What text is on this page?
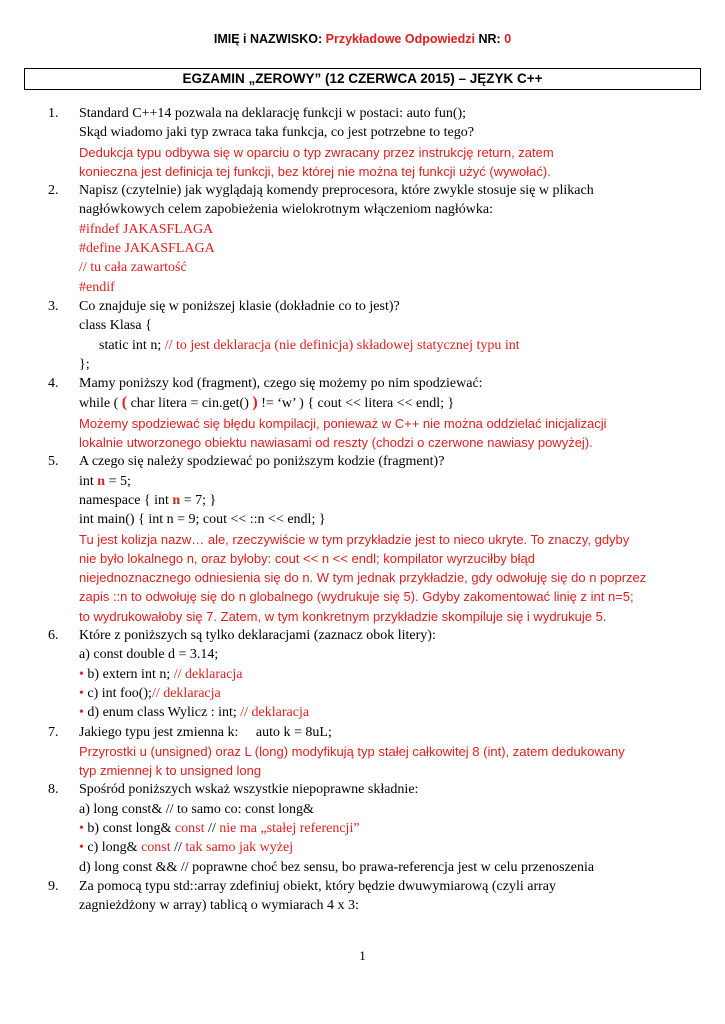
IMIĘ i NAZWISKO: Przykładowe Odpowiedzi NR: 0
EGZAMIN „ZEROWY” (12 CZERWCA 2015) – JĘZYK C++
1. Standard C++14 pozwala na deklarację funkcji w postaci: auto fun();
Skąd wiadomo jaki typ zwraca taka funkcja, co jest potrzebne to tego?
Dedukcja typu odbywa się w oparciu o typ zwracany przez instrukcję return, zatem
konieczna jest definicja tej funkcji, bez której nie można tej funkcji użyć (wywołać).
2. Napisz (czytelnie) jak wyglądają komendy preprocesora, które zwykle stosuje się w plikach
nagłówkowych celem zapobieżenia wielokrotnym włączeniom nagłówka:
#ifndef JAKASFLAGA
#define JAKASFLAGA
// tu cała zawartość
#endif
3. Co znajduje się w poniższej klasie (dokładnie co to jest)?
class Klasa {
static int n; // to jest deklaracja (nie definicja) składowej statycznej typu int
};
4. Mamy poniższy kod (fragment), czego się możemy po nim spodziewać:
while ( ( char litera = cin.get() ) != ‘w’ ) { cout << litera << endl; }
Możemy spodziewać się błędu kompilacji, ponieważ w C++ nie można oddzielać inicjalizacji
lokalnie utworzonego obiektu nawiasami od reszty (chodzi o czerwone nawiasy powyżej).
5. A czego się należy spodziewać po poniższym kodzie (fragment)?
int n = 5;
namespace { int n = 7; }
int main() { int n = 9; cout << ::n << endl; }
Tu jest kolizja nazw… ale, rzeczywiście w tym przykładzie jest to nieco ukryte. To znaczy, gdyby
nie było lokalnego n, oraz byłoby: cout << n << endl; kompilator wyrzuciłby błąd
niejednoznacznego odniesienia się do n. W tym jednak przykładzie, gdy odwołuję się do n poprzez
zapis ::n to odwołuję się do n globalnego (wydrukuje się 5). Gdyby zakomentować linię z int n=5;
to wydrukowałoby się 7. Zatem, w tym konkretnym przykładzie skompiluje się i wydrukuje 5.
6. Które z poniższych są tylko deklaracjami (zaznacz obok litery):
a) const double d = 3.14;
• b) extern int n; // deklaracja
• c) int foo();// deklaracja
• d) enum class Wylicz : int; // deklaracja
7. Jakiego typu jest zmienna k: auto k = 8uL;
Przyrostki u (unsigned) oraz L (long) modyfikują typ stałej całkowitej 8 (int), zatem dedukowany
typ zmiennej k to unsigned long
8. Spośród poniższych wskaż wszystkie niepoprawne składnie:
a) long const& // to samo co: const long&
• b) const long& const // nie ma „stałej referencji”
• c) long& const // tak samo jak wyżej
d) long const && // poprawne choć bez sensu, bo prawa-referencja jest w celu przenoszenia
9. Za pomocą typu std::array zdefiniuj obiekt, który będzie dwuwymiarową (czyli array
zagnieżdżony w array) tablicą o wymiarach 4 x 3:
1
